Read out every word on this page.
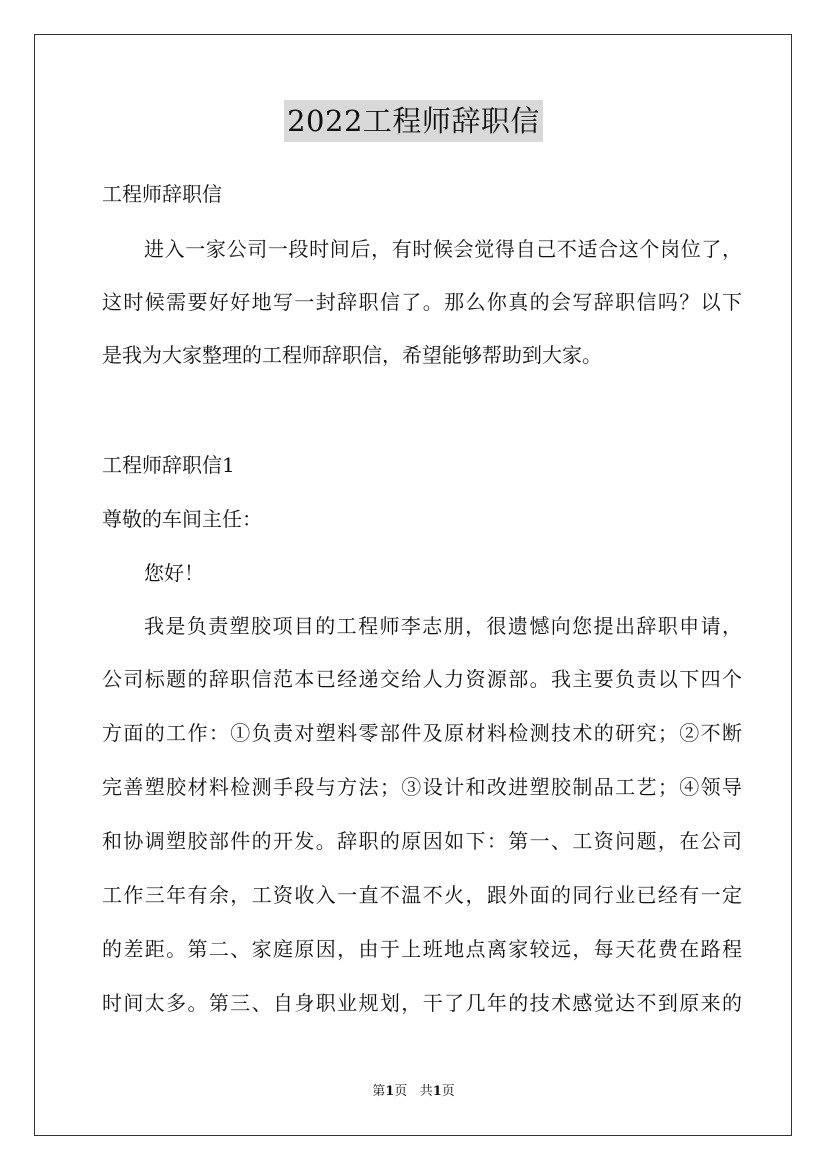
2022工程师辞职信
工程师辞职信
进入一家公司一段时间后，有时候会觉得自己不适合这个岗位了，
这时候需要好好地写一封辞职信了。那么你真的会写辞职信吗？以下
是我为大家整理的工程师辞职信，希望能够帮助到大家。
工程师辞职信1
尊敬的车间主任：
您好！
我是负责塑胶项目的工程师李志朋，很遗憾向您提出辞职申请，
公司标题的辞职信范本已经递交给人力资源部。我主要负责以下四个
方面的工作：①负责对塑料零部件及原材料检测技术的研究；②不断
完善塑胶材料检测手段与方法；③设计和改进塑胶制品工艺；④领导
和协调塑胶部件的开发。辞职的原因如下：第一、工资问题，在公司
工作三年有余，工资收入一直不温不火，跟外面的同行业已经有一定
的差距。第二、家庭原因，由于上班地点离家较远，每天花费在路程
时间太多。第三、自身职业规划，干了几年的技术感觉达不到原来的
第1页 共1页
